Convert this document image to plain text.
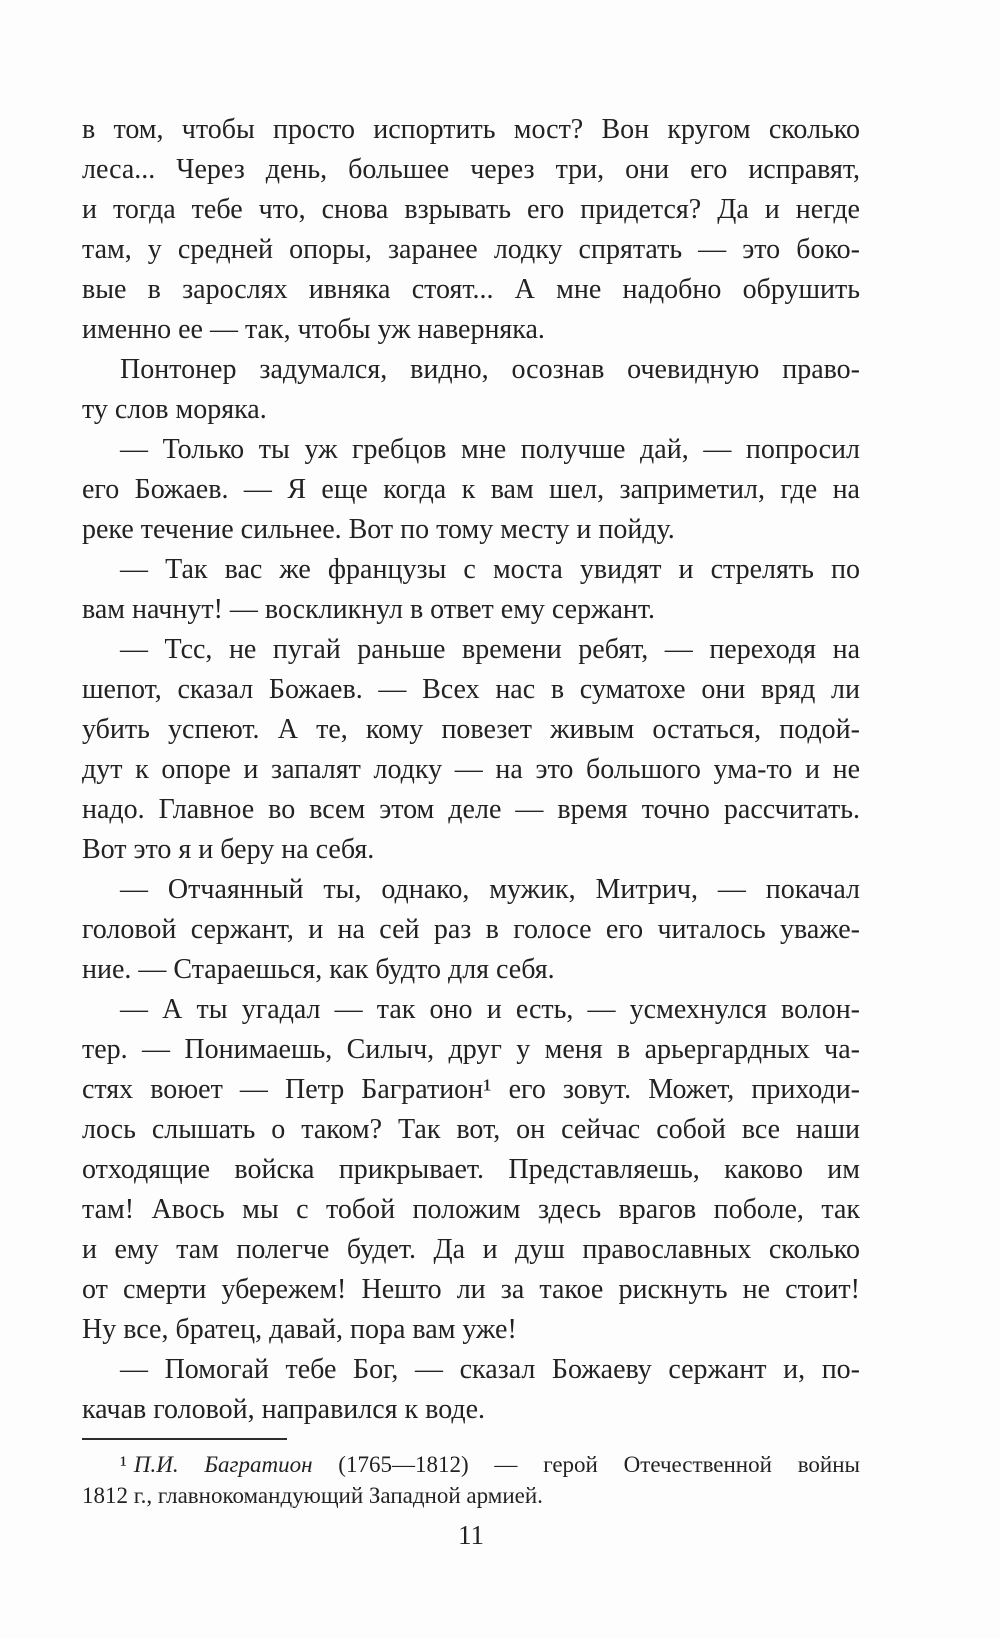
в том, чтобы просто испортить мост? Вон кругом сколько
леса... Через день, большее через три, они его исправят,
и тогда тебе что, снова взрывать его придется? Да и негде
там, у средней опоры, заранее лодку спрятать — это боко-
вые в зарослях ивняка стоят... А мне надобно обрушить
именно ее — так, чтобы уж наверняка.
Понтонер задумался, видно, осознав очевидную право-
ту слов моряка.
— Только ты уж гребцов мне получше дай, — попросил
его Божаев. — Я еще когда к вам шел, заприметил, где на
реке течение сильнее. Вот по тому месту и пойду.
— Так вас же французы с моста увидят и стрелять по
вам начнут! — воскликнул в ответ ему сержант.
— Тсс, не пугай раньше времени ребят, — переходя на
шепот, сказал Божаев. — Всех нас в суматохе они вряд ли
убить успеют. А те, кому повезет живым остаться, подой-
дут к опоре и запалят лодку — на это большого ума-то и не
надо. Главное во всем этом деле — время точно рассчитать.
Вот это я и беру на себя.
— Отчаянный ты, однако, мужик, Митрич, — покачал
головой сержант, и на сей раз в голосе его читалось уваже-
ние. — Стараешься, как будто для себя.
— А ты угадал — так оно и есть, — усмехнулся волон-
тер. — Понимаешь, Силыч, друг у меня в арьергардных ча-
стях воюет — Петр Багратион¹ его зовут. Может, приходи-
лось слышать о таком? Так вот, он сейчас собой все наши
отходящие войска прикрывает. Представляешь, каково им
там! Авось мы с тобой положим здесь врагов поболе, так
и ему там полегче будет. Да и душ православных сколько
от смерти убережем! Нешто ли за такое рискнуть не стоит!
Ну все, братец, давай, пора вам уже!
— Помогай тебе Бог, — сказал Божаеву сержант и, по-
качав головой, направился к воде.
¹ П.И. Багратион (1765—1812) — герой Отечественной войны
1812 г., главнокомандующий Западной армией.
11
